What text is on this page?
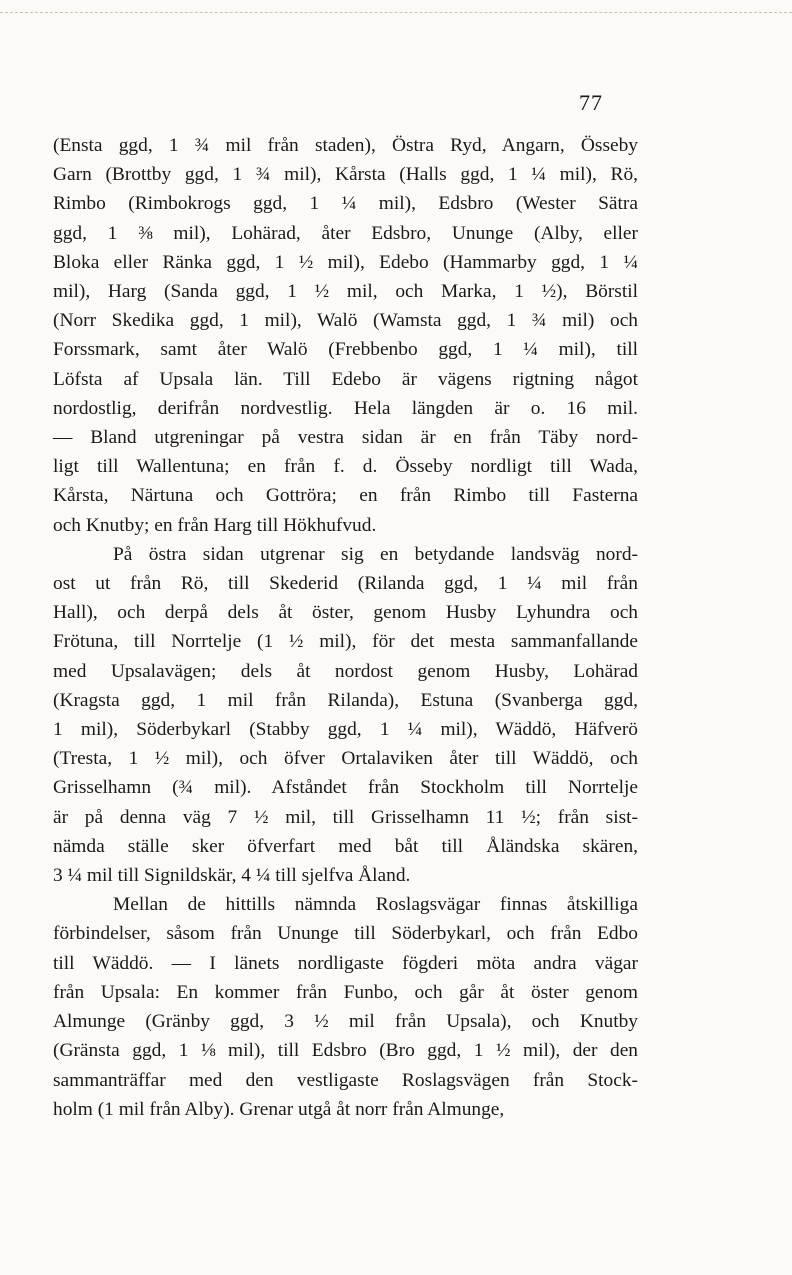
77
(Ensta ggd, 1 ¾ mil från staden), Östra Ryd, Angarn, Össeby
Garn (Brottby ggd, 1 ¾ mil), Kårsta (Halls ggd, 1 ¼ mil), Rö,
Rimbo (Rimbokrogs ggd, 1 ¼ mil), Edsbro (Wester Sätra
ggd, 1 ⅜ mil), Lohärad, åter Edsbro, Ununge (Alby, eller
Bloka eller Ränka ggd, 1 ½ mil), Edebo (Hammarby ggd, 1 ¼
mil), Harg (Sanda ggd, 1 ½ mil, och Marka, 1 ½), Börstil
(Norr Skedika ggd, 1 mil), Walö (Wamsta ggd, 1 ¾ mil) och
Forssmark, samt åter Walö (Frebbenbo ggd, 1 ¼ mil), till
Löfsta af Upsala län. Till Edebo är vägens rigtning något
nordostlig, derifrån nordvestlig. Hela längden är o. 16 mil.
— Bland utgreningar på vestra sidan är en från Täby nord-
ligt till Wallentuna; en från f. d. Össeby nordligt till Wada,
Kårsta, Närtuna och Gottröra; en från Rimbo till Fasterna
och Knutby; en från Harg till Hökhufvud.
På östra sidan utgrenar sig en betydande landsväg nord-
ost ut från Rö, till Skederid (Rilanda ggd, 1 ¼ mil från
Hall), och derpå dels åt öster, genom Husby Lyhundra och
Frötuna, till Norrtelje (1 ½ mil), för det mesta sammanfallande
med Upsalavägen; dels åt nordost genom Husby, Lohärad
(Kragsta ggd, 1 mil från Rilanda), Estuna (Svanberga ggd,
1 mil), Söderbykarl (Stabby ggd, 1 ¼ mil), Wäddö, Häfverö
(Tresta, 1 ½ mil), och öfver Ortalaviken åter till Wäddö, och
Grisselhamn (¾ mil). Afståndet från Stockholm till Norrtelje
är på denna väg 7 ½ mil, till Grisselhamn 11 ½; från sist-
nämda ställe sker öfverfart med båt till Åländska skären,
3 ¼ mil till Signildskär, 4 ¼ till sjelfva Åland.
Mellan de hittills nämnda Roslagsvägar finnas åtskilliga
förbindelser, såsom från Ununge till Söderbykarl, och från Edbo
till Wäddö. — I länets nordligaste fögderi möta andra vägar
från Upsala: En kommer från Funbo, och går åt öster genom
Almunge (Gränby ggd, 3 ½ mil från Upsala), och Knutby
(Gränsta ggd, 1 ⅛ mil), till Edsbro (Bro ggd, 1 ½ mil), der den
sammanträffar med den vestligaste Roslagsvägen från Stock-
holm (1 mil från Alby). Grenar utgå åt norr från Almunge,
